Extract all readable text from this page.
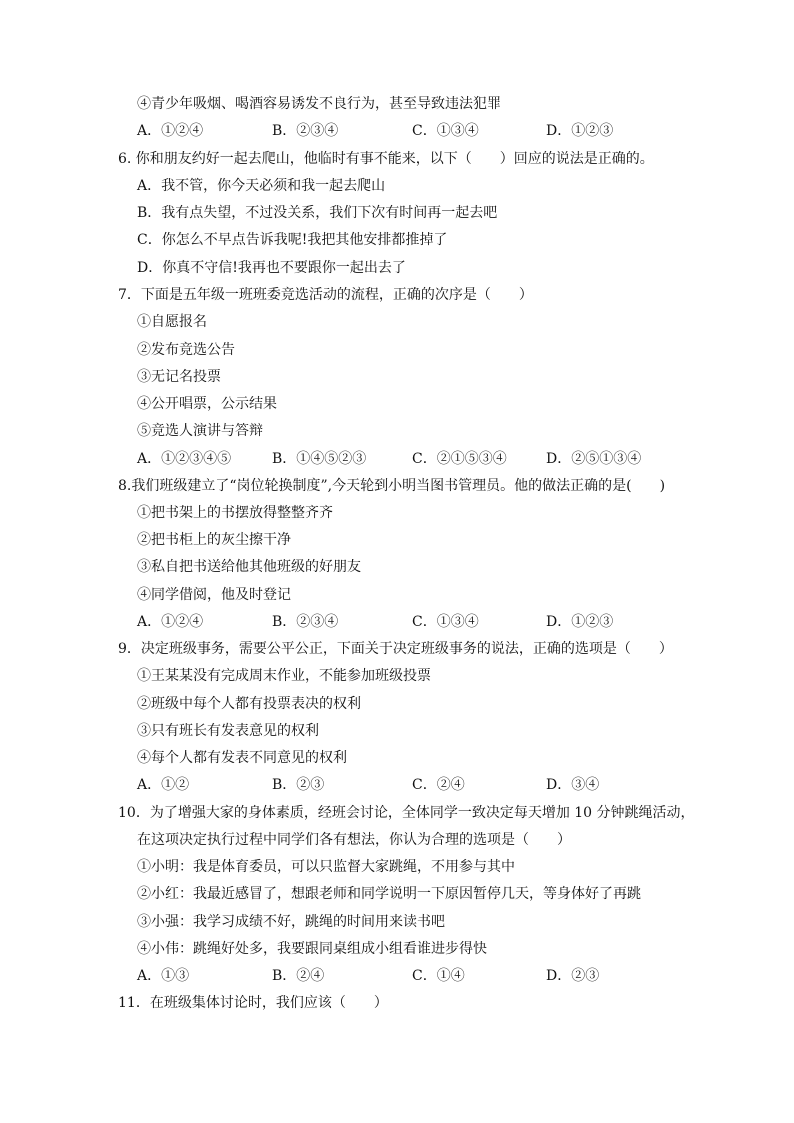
④青少年吸烟、喝酒容易诱发不良行为，甚至导致违法犯罪
A．①②④	B．②③④	C．①③④	D．①②③
6. 你和朋友约好一起去爬山，他临时有事不能来，以下（　　）回应的说法是正确的。
A．我不管，你今天必须和我一起去爬山
B．我有点失望，不过没关系，我们下次有时间再一起去吧
C．你怎么不早点告诉我呢!我把其他安排都推掉了
D．你真不守信!我再也不要跟你一起出去了
7．下面是五年级一班班委竞选活动的流程，正确的次序是（　　）
①自愿报名
②发布竞选公告
③无记名投票
④公开唱票，公示结果
⑤竞选人演讲与答辩
A．①②③④⑤	B．①④⑤②③	C．②①⑤③④	D．②⑤①③④
8.我们班级建立了“岗位轮换制度”,今天轮到小明当图书管理员。他的做法正确的是(　　)
①把书架上的书摆放得整整齐齐
②把书柜上的灰尘擦干净
③私自把书送给他其他班级的好朋友
④同学借阅，他及时登记
A．①②④	B．②③④	C．①③④	D．①②③
9．决定班级事务，需要公平公正，下面关于决定班级事务的说法，正确的选项是（　　）
①王某某没有完成周末作业，不能参加班级投票
②班级中每个人都有投票表决的权利
③只有班长有发表意见的权利
④每个人都有发表不同意见的权利
A．①②	B．②③	C．②④	D．③④
10．为了增强大家的身体素质，经班会讨论，全体同学一致决定每天增加 10 分钟跳绳活动，
在这项决定执行过程中同学们各有想法，你认为合理的选项是（　　）
①小明：我是体育委员，可以只监督大家跳绳，不用参与其中
②小红：我最近感冒了，想跟老师和同学说明一下原因暂停几天，等身体好了再跳
③小强：我学习成绩不好，跳绳的时间用来读书吧
④小伟：跳绳好处多，我要跟同桌组成小组看谁进步得快
A．①③	B．②④	C．①④	D．②③
11．在班级集体讨论时，我们应该（　　）
